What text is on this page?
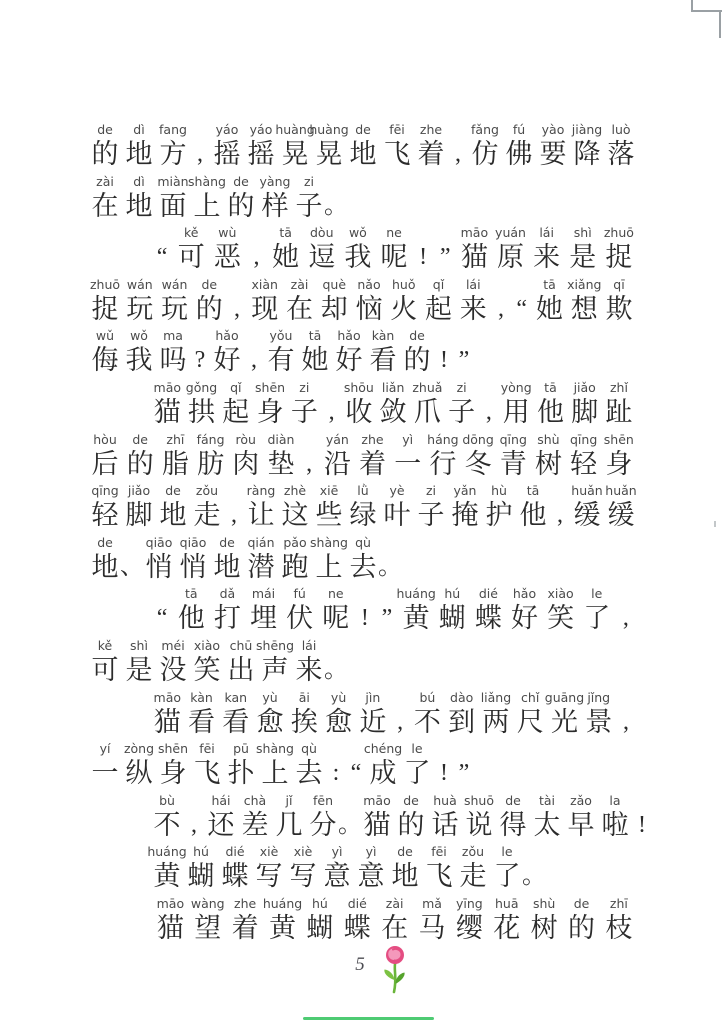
de
的
dì
地
fang
方 ,
yáo
摇
yáo
摇
huàng
晃
huàng
晃
de
地
fēi
飞
zhe
着 ,
fǎng
仿
fú
佛
yào
要
jiàng
降
luò
落
zài
在
dì
地
miàn
面
shàng
上
de
的
yàng
样
zi
子 。
“
kě
可
wù
恶 ,
tā
她
dòu
逗
wǒ
我
ne
呢 ! ”
māo
猫
yuán
原
lái
来
shì
是
zhuō
捉
zhuō
捉
wán
玩
wán
玩
de
的 ,
xiàn
现
zài
在
què
却
nǎo
恼
huǒ
火
qǐ
起
lái
来 , “
tā
她
xiǎng
想
qī
欺
wǔ
侮
wǒ
我
ma
吗 ?
hǎo
好 ,
yǒu
有
tā
她
hǎo
好
kàn
看
de
的 ! ”
māo
猫
gǒng
拱
qǐ
起
shēn
身
zi
子 ,
shōu
收
liǎn
敛
zhuǎ
爪
zi
子 ,
yòng
用
tā
他
jiǎo
脚
zhǐ
趾
hòu
后
de
的
zhī
脂
fáng
肪
ròu
肉
diàn
垫 ,
yán
沿
zhe
着
yì
一
háng
行
dōng
冬
qīng
青
shù
树
qīng
轻
shēn
身
qīng
轻
jiǎo
脚
de
地
zǒu
走 ,
ràng
让
zhè
这
xiē
些
lǜ
绿
yè
叶
zi
子
yǎn
掩
hù
护
tā
他 ,
huǎn
缓
huǎn
缓
de
地 、
qiāo
悄
qiāo
悄
de
地
qián
潜
pǎo
跑
shàng
上
qù
去 。
“
tā
他
dǎ
打
mái
埋
fú
伏
ne
呢 ! ”
huáng
黄
hú
蝴
dié
蝶
hǎo
好
xiào
笑
le
了 ,
kě
可
shì
是
méi
没
xiào
笑
chū
出
shēng
声
lái
来 。
māo
猫
kàn
看
kan
看
yù
愈
āi
挨
yù
愈
jìn
近 ,
bú
不
dào
到
liǎng
两
chǐ
尺
guāng
光
jǐng
景 ,
yí
一
zòng
纵
shēn
身
fēi
飞
pū
扑
shàng
上
qù
去 : “
chéng
成
le
了 ! ”
bù
不 ,
hái
还
chà
差
jǐ
几
fēn
分 。
māo
猫
de
的
huà
话
shuō
说
de
得
tài
太
zǎo
早
la
啦 !
huáng
黄
hú
蝴
dié
蝶
xiè
写
xiè
写
yì
意
yì
意
de
地
fēi
飞
zǒu
走
le
了 。
māo
猫
wàng
望
zhe
着
huáng
黄
hú
蝴
dié
蝶
zài
在
mǎ
马
yīng
缨
huā
花
shù
树
de
的
zhī
枝
5
